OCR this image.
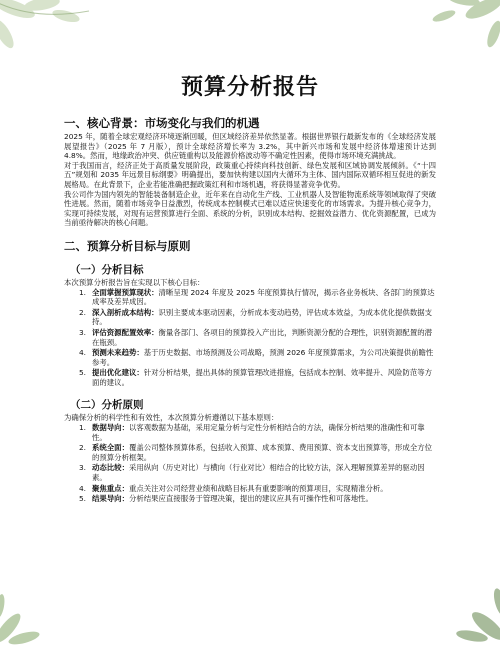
预算分析报告
一、核心背景：市场变化与我们的机遇

2025 年，随着全球宏观经济环境逐渐回暖，但区域经济差异依然显著。根据世界银行最新发布的《全球经济发展展望报告》（2025 年 7 月版），预计全球经济增长率为 3.2%，其中新兴市场和发展中经济体增速预计达到 4.8%。然而，地缘政治冲突、供应链重构以及能源价格波动等不确定性因素，使得市场环境充满挑战。

对于我国而言，经济正处于高质量发展阶段，政策重心持续向科技创新、绿色发展和区域协调发展倾斜。《“十四五”规划和 2035 年远景目标纲要》明确提出，要加快构建以国内大循环为主体、国内国际双循环相互促进的新发展格局。在此背景下，企业若能准确把握政策红利和市场机遇，将获得显著竞争优势。

我公司作为国内领先的智能装备制造企业，近年来在自动化生产线、工业机器人及智能物流系统等领域取得了突破性进展。然而，随着市场竞争日益激烈，传统成本控制模式已难以适应快速变化的市场需求。为提升核心竞争力，实现可持续发展，对现有运营预算进行全面、系统的分析，识别成本结构、挖掘效益潜力、优化资源配置，已成为当前亟待解决的核心问题。

二、预算分析目标与原则
（一）分析目标

本次预算分析报告旨在实现以下核心目标：

1. 全面掌握预算现状：清晰呈现 2024 年度及 2025 年度预算执行情况，揭示各业务板块、各部门的预算达成率及差异成因。
2. 深入剖析成本结构：识别主要成本驱动因素，分析成本变动趋势，评估成本效益，为成本优化提供数据支持。
3. 评估资源配置效率：衡量各部门、各项目的预算投入产出比，判断资源分配的合理性，识别资源配置的潜在瓶颈。
4. 预测未来趋势：基于历史数据、市场预测及公司战略，预测 2026 年度预算需求，为公司决策提供前瞻性参考。
5. 提出优化建议：针对分析结果，提出具体的预算管理改进措施，包括成本控制、效率提升、风险防范等方面的建议。
（二）分析原则

为确保分析的科学性和有效性，本次预算分析遵循以下基本原则：

1. 数据导向：以客观数据为基础，采用定量分析与定性分析相结合的方法，确保分析结果的准确性和可靠性。
2. 系统全面：覆盖公司整体预算体系，包括收入预算、成本预算、费用预算、资本支出预算等，形成全方位的预算分析框架。
3. 动态比较：采用纵向（历史对比）与横向（行业对比）相结合的比较方法，深入理解预算差异的驱动因素。
4. 聚焦重点：重点关注对公司经营业绩和战略目标具有重要影响的预算项目，实现精准分析。
5. 结果导向：分析结果应直接服务于管理决策，提出的建议应具有可操作性和可落地性。
